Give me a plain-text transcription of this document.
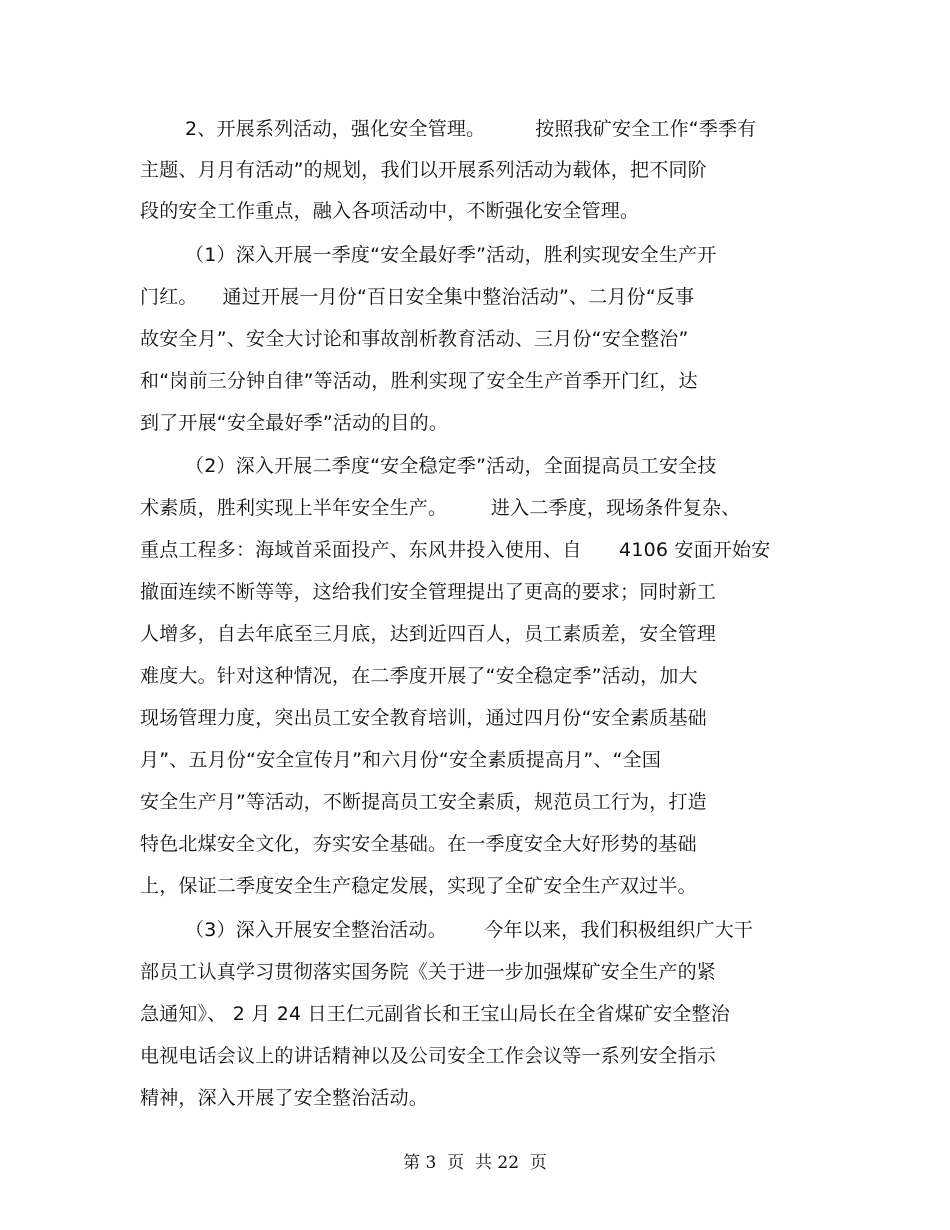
2、开展系列活动，强化安全管理。        按照我矿安全工作“季季有
主题、月月有活动”的规划，我们以开展系列活动为载体，把不同阶
段的安全工作重点，融入各项活动中，不断强化安全管理。
（1）深入开展一季度“安全最好季”活动，胜利实现安全生产开
门红。    通过开展一月份“百日安全集中整治活动”、二月份“反事
故安全月”、安全大讨论和事故剖析教育活动、三月份“安全整治”
和“岗前三分钟自律”等活动，胜利实现了安全生产首季开门红，达
到了开展“安全最好季”活动的目的。
（2）深入开展二季度“安全稳定季”活动，全面提高员工安全技
术素质，胜利实现上半年安全生产。       进入二季度，现场条件复杂、
重点工程多：海域首采面投产、东风井投入使用、自      4106 安面开始安
撤面连续不断等等，这给我们安全管理提出了更高的要求；同时新工
人增多，自去年底至三月底，达到近四百人，员工素质差，安全管理
难度大。针对这种情况，在二季度开展了“安全稳定季”活动，加大
现场管理力度，突出员工安全教育培训，通过四月份“安全素质基础
月”、五月份“安全宣传月”和六月份“安全素质提高月”、“全国
安全生产月”等活动，不断提高员工安全素质，规范员工行为，打造
特色北煤安全文化，夯实安全基础。在一季度安全大好形势的基础
上，保证二季度安全生产稳定发展，实现了全矿安全生产双过半。
（3）深入开展安全整治活动。      今年以来，我们积极组织广大干
部员工认真学习贯彻落实国务院《关于进一步加强煤矿安全生产的紧
急通知》、 2 月 24 日王仁元副省长和王宝山局长在全省煤矿安全整治
电视电话会议上的讲话精神以及公司安全工作会议等一系列安全指示
精神，深入开展了安全整治活动。
第 3  页  共 22  页
